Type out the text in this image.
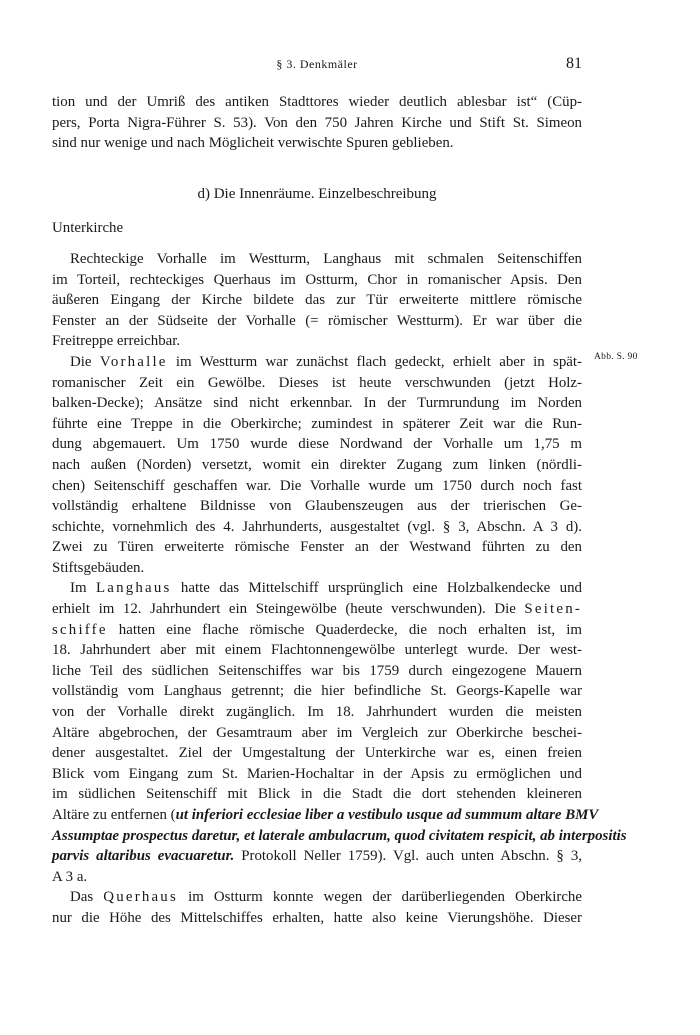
§ 3. Denkmäler	81
Abb. S. 90
tion und der Umriß des antiken Stadttores wieder deutlich ablesbar ist“ (Cüp-
pers, Porta Nigra-Führer S. 53). Von den 750 Jahren Kirche und Stift St. Simeon
sind nur wenige und nach Möglicheit verwischte Spuren geblieben.
d) Die Innenräume. Einzelbeschreibung
Unterkirche
Rechteckige Vorhalle im Westturm, Langhaus mit schmalen Seitenschiffen
im Torteil, rechteckiges Querhaus im Ostturm, Chor in romanischer Apsis. Den
äußeren Eingang der Kirche bildete das zur Tür erweiterte mittlere römische
Fenster an der Südseite der Vorhalle (= römischer Westturm). Er war über die
Freitreppe erreichbar.
Die Vorhalle im Westturm war zunächst flach gedeckt, erhielt aber in spät-
romanischer Zeit ein Gewölbe. Dieses ist heute verschwunden (jetzt Holz-
balken-Decke); Ansätze sind nicht erkennbar. In der Turmrundung im Norden
führte eine Treppe in die Oberkirche; zumindest in späterer Zeit war die Run-
dung abgemauert. Um 1750 wurde diese Nordwand der Vorhalle um 1,75 m
nach außen (Norden) versetzt, womit ein direkter Zugang zum linken (nördli-
chen) Seitenschiff geschaffen war. Die Vorhalle wurde um 1750 durch noch fast
vollständig erhaltene Bildnisse von Glaubenszeugen aus der trierischen Ge-
schichte, vornehmlich des 4. Jahrhunderts, ausgestaltet (vgl. § 3, Abschn. A 3 d).
Zwei zu Türen erweiterte römische Fenster an der Westwand führten zu den
Stiftsgebäuden.
Im Langhaus hatte das Mittelschiff ursprünglich eine Holzbalkendecke und
erhielt im 12. Jahrhundert ein Steingewölbe (heute verschwunden). Die Seiten-
schiffe hatten eine flache römische Quaderdecke, die noch erhalten ist, im
18. Jahrhundert aber mit einem Flachtonnengewölbe unterlegt wurde. Der west-
liche Teil des südlichen Seitenschiffes war bis 1759 durch eingezogene Mauern
vollständig vom Langhaus getrennt; die hier befindliche St. Georgs-Kapelle war
von der Vorhalle direkt zugänglich. Im 18. Jahrhundert wurden die meisten
Altäre abgebrochen, der Gesamtraum aber im Vergleich zur Oberkirche beschei-
dener ausgestaltet. Ziel der Umgestaltung der Unterkirche war es, einen freien
Blick vom Eingang zum St. Marien-Hochaltar in der Apsis zu ermöglichen und
im südlichen Seitenschiff mit Blick in die Stadt die dort stehenden kleineren
Altäre zu entfernen (ut inferiori ecclesiae liber a vestibulo usque ad summum altare BMV
Assumptae prospectus daretur, et laterale ambulacrum, quod civitatem respicit, ab interpositis
parvis altaribus evacuaretur. Protokoll Neller 1759). Vgl. auch unten Abschn. § 3,
A 3 a.
Das Querhaus im Ostturm konnte wegen der darüberliegenden Oberkirche
nur die Höhe des Mittelschiffes erhalten, hatte also keine Vierungshöhe. Dieser
